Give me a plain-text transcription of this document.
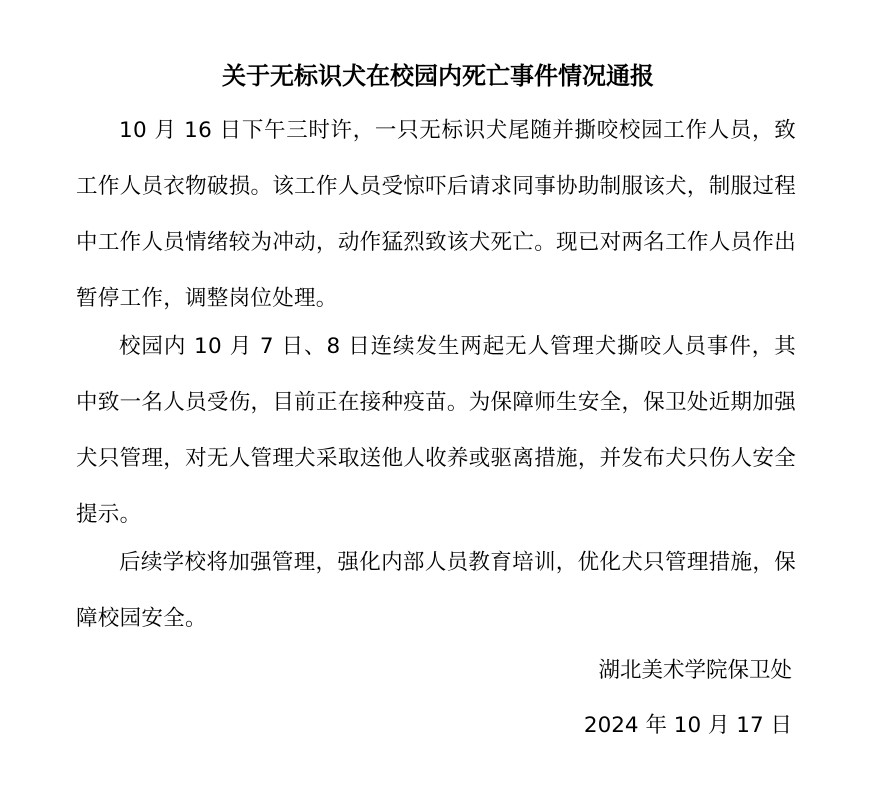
关于无标识犬在校园内死亡事件情况通报

10 月 16 日下午三时许，一只无标识犬尾随并撕咬校园工作人员，致工作人员衣物破损。该工作人员受惊吓后请求同事协助制服该犬，制服过程中工作人员情绪较为冲动，动作猛烈致该犬死亡。现已对两名工作人员作出暂停工作，调整岗位处理。

校园内 10 月 7 日、8 日连续发生两起无人管理犬撕咬人员事件，其中致一名人员受伤，目前正在接种疫苗。为保障师生安全，保卫处近期加强犬只管理，对无人管理犬采取送他人收养或驱离措施，并发布犬只伤人安全提示。

后续学校将加强管理，强化内部人员教育培训，优化犬只管理措施，保障校园安全。

湖北美术学院保卫处

2024 年 10 月 17 日
